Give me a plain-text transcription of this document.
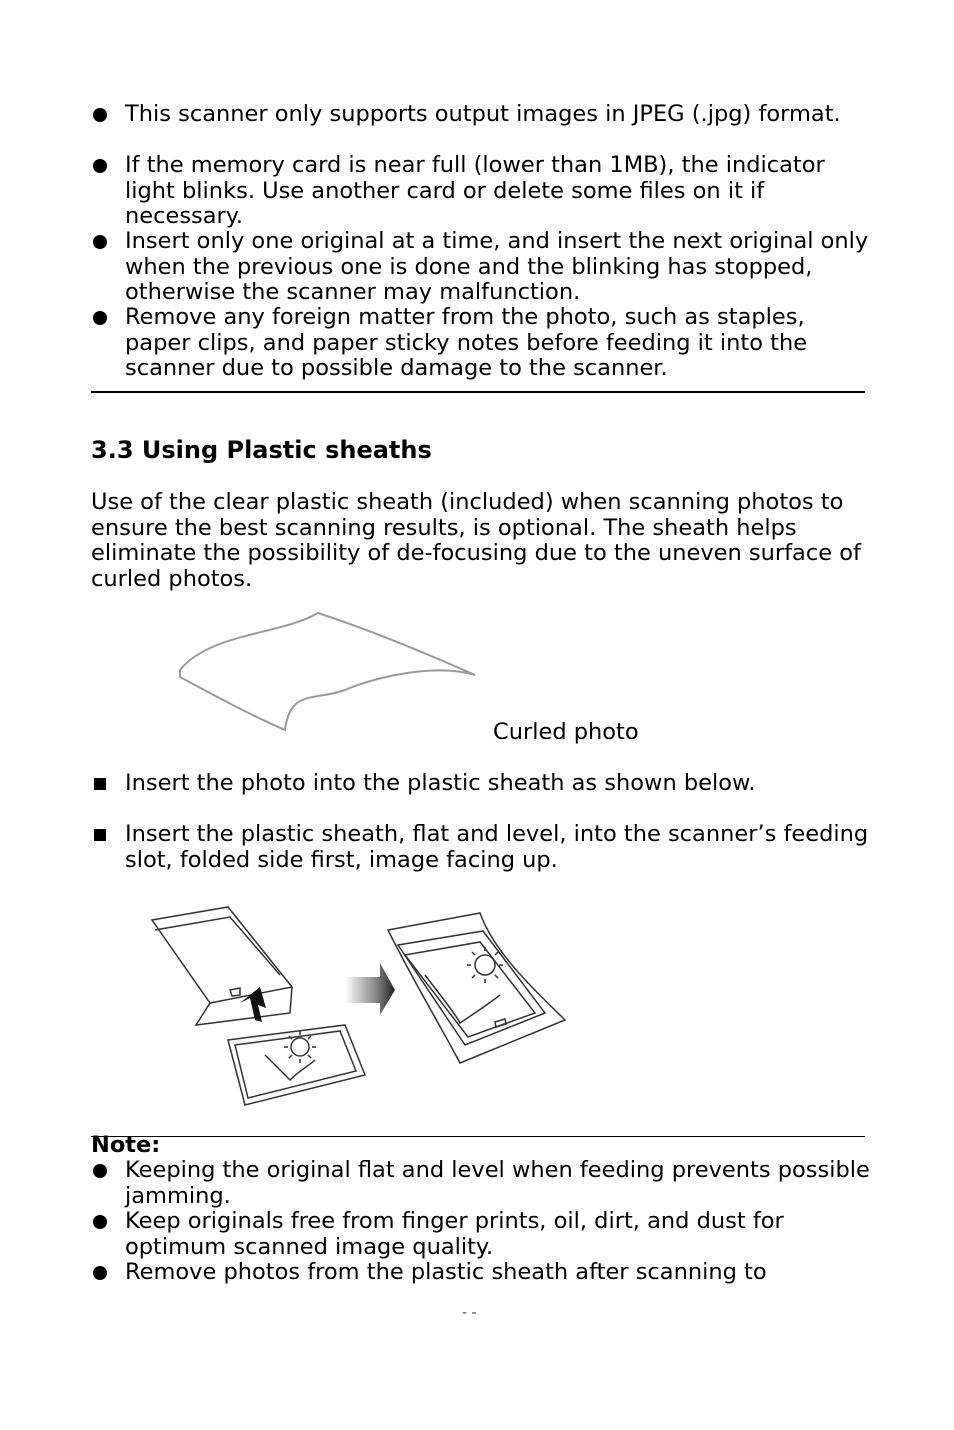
This scanner only supports output images in JPEG (.jpg) format.
If the memory card is near full (lower than 1MB), the indicator light blinks. Use another card or delete some files on it if necessary.
Insert only one original at a time, and insert the next original only when the previous one is done and the blinking has stopped, otherwise the scanner may malfunction.
Remove any foreign matter from the photo, such as staples, paper clips, and paper sticky notes before feeding it into the scanner due to possible damage to the scanner.
3.3 Using Plastic sheaths

Use of the clear plastic sheath (included) when scanning photos to ensure the best scanning results, is optional. The sheath helps eliminate the possibility of de-focusing due to the uneven surface of curled photos.

Curled photo
Insert the photo into the plastic sheath as shown below.
Insert the plastic sheath, flat and level, into the scanner’s feeding slot, folded side first, image facing up.
Note:
Keeping the original flat and level when feeding prevents possible jamming.
Keep originals free from finger prints, oil, dirt, and dust for optimum scanned image quality.
Remove photos from the plastic sheath after scanning to
- -
